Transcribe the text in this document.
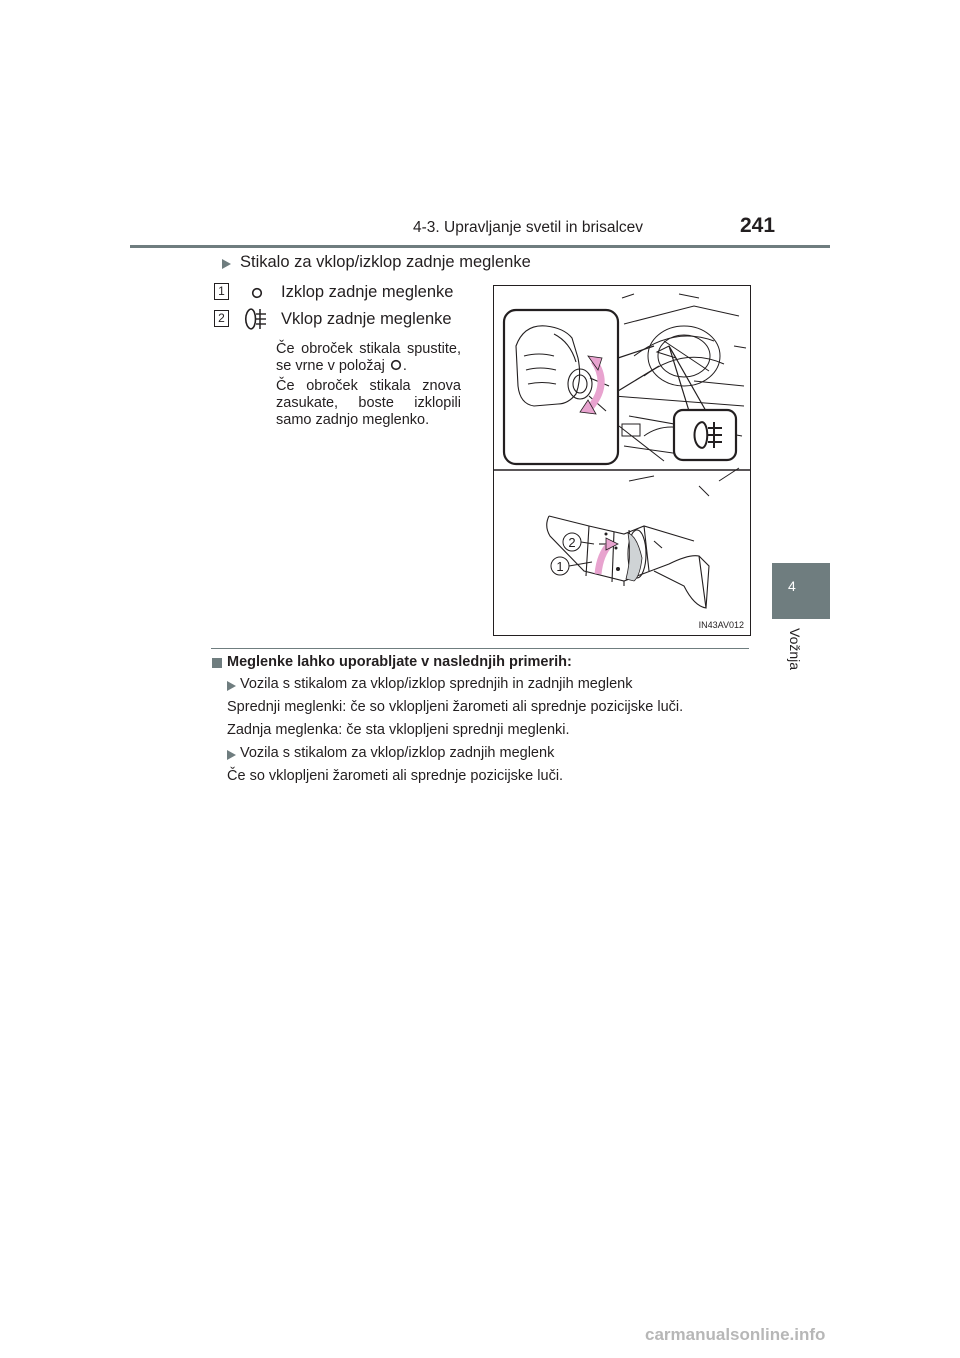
4-3. Upravljanje svetil in brisalcev	241
4
Vožnja
Stikalo za vklop/izklop zadnje meglenke
1	Izklop zadnje meglenke
2	Vklop zadnje meglenke
Če obroček stikala spustite, se vrne v položaj .
Če obroček stikala znova zasukate, boste izklopili samo zadnjo meglenko.
2
1
IN43AV012
Meglenke lahko uporabljate v naslednjih primerih:
Vozila s stikalom za vklop/izklop sprednjih in zadnjih meglenk
Sprednji meglenki: če so vklopljeni žarometi ali sprednje pozicijske luči.
Zadnja meglenka: če sta vklopljeni sprednji meglenki.
Vozila s stikalom za vklop/izklop zadnjih meglenk
Če so vklopljeni žarometi ali sprednje pozicijske luči.
carmanualsonline.info
